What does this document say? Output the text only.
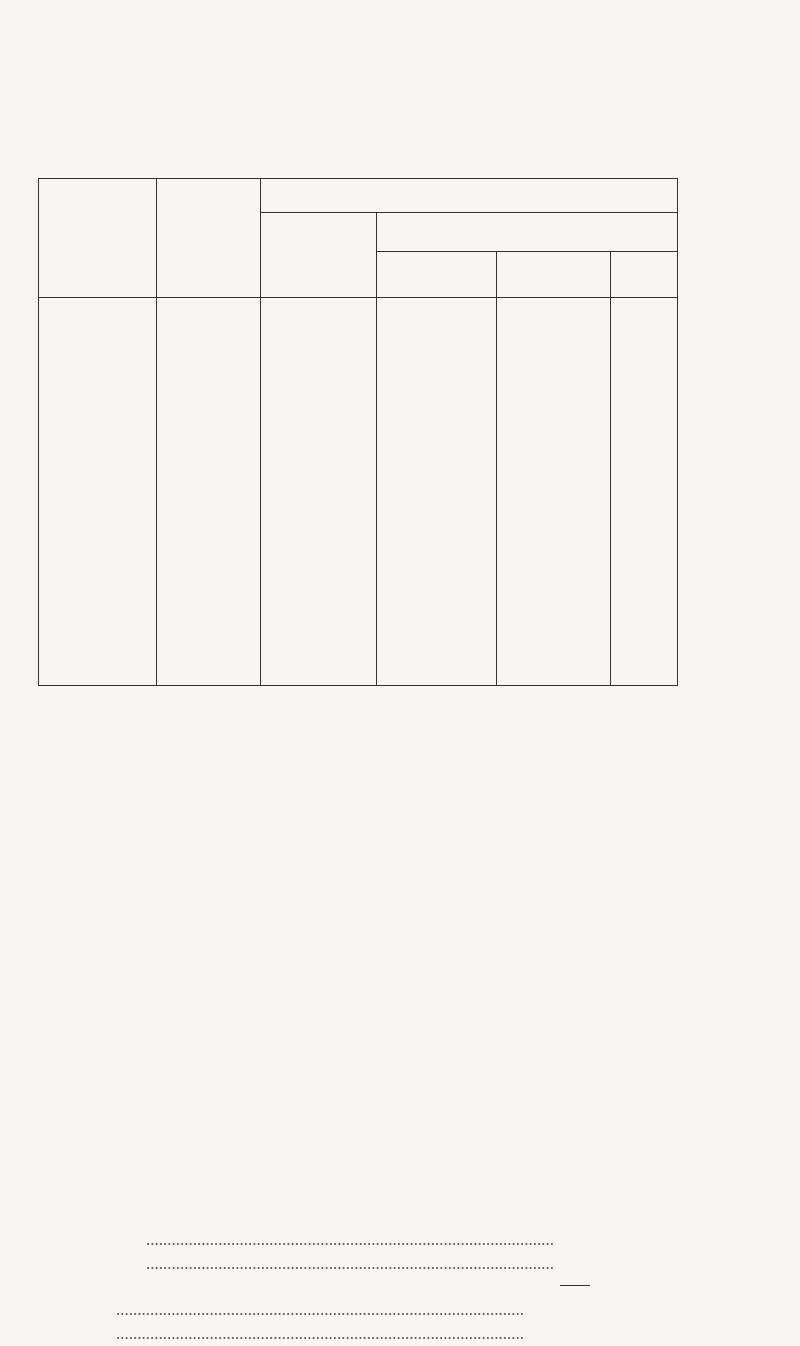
................................................................................................
................................................................................................
................................................................................................
................................................................................................
